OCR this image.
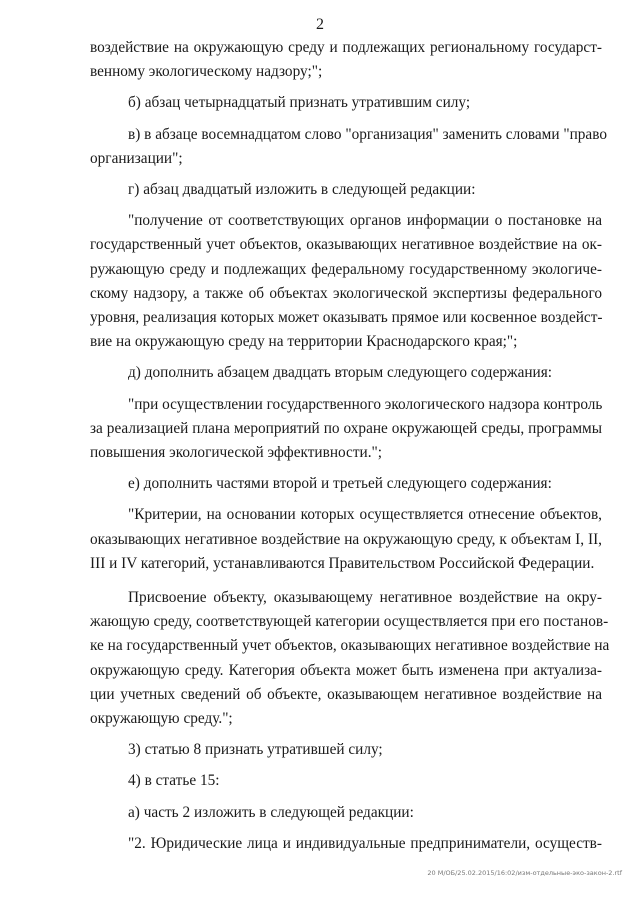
2
воздействие на окружающую среду и подлежащих региональному государст-
венному экологическому надзору;";
б) абзац четырнадцатый признать утратившим силу;
в) в абзаце восемнадцатом слово "организация" заменить словами "право
организации";
г) абзац двадцатый изложить в следующей редакции:
"получение от соответствующих органов информации о постановке на
государственный учет объектов, оказывающих негативное воздействие на ок-
ружающую среду и подлежащих федеральному государственному экологиче-
скому надзору, а также об объектах экологической экспертизы федерального
уровня, реализация которых может оказывать прямое или косвенное воздейст-
вие на окружающую среду на территории Краснодарского края;";
д) дополнить абзацем двадцать вторым следующего содержания:
"при осуществлении государственного экологического надзора контроль
за реализацией плана мероприятий по охране окружающей среды, программы
повышения экологической эффективности.";
е) дополнить частями второй и третьей следующего содержания:
"Критерии, на основании которых осуществляется отнесение объектов,
оказывающих негативное воздействие на окружающую среду, к объектам I, II,
III и IV категорий, устанавливаются Правительством Российской Федерации.
Присвоение объекту, оказывающему негативное воздействие на окру-
жающую среду, соответствующей категории осуществляется при его постанов-
ке на государственный учет объектов, оказывающих негативное воздействие на
окружающую среду. Категория объекта может быть изменена при актуализа-
ции учетных сведений об объекте, оказывающем негативное воздействие на
окружающую среду.";
3) статью 8 признать утратившей силу;
4) в статье 15:
а) часть 2 изложить в следующей редакции:
"2. Юридические лица и индивидуальные предприниматели, осуществ-
20 М/ОБ/25.02.2015/16:02/изм-отдельные-эко-закон-2.rtf
